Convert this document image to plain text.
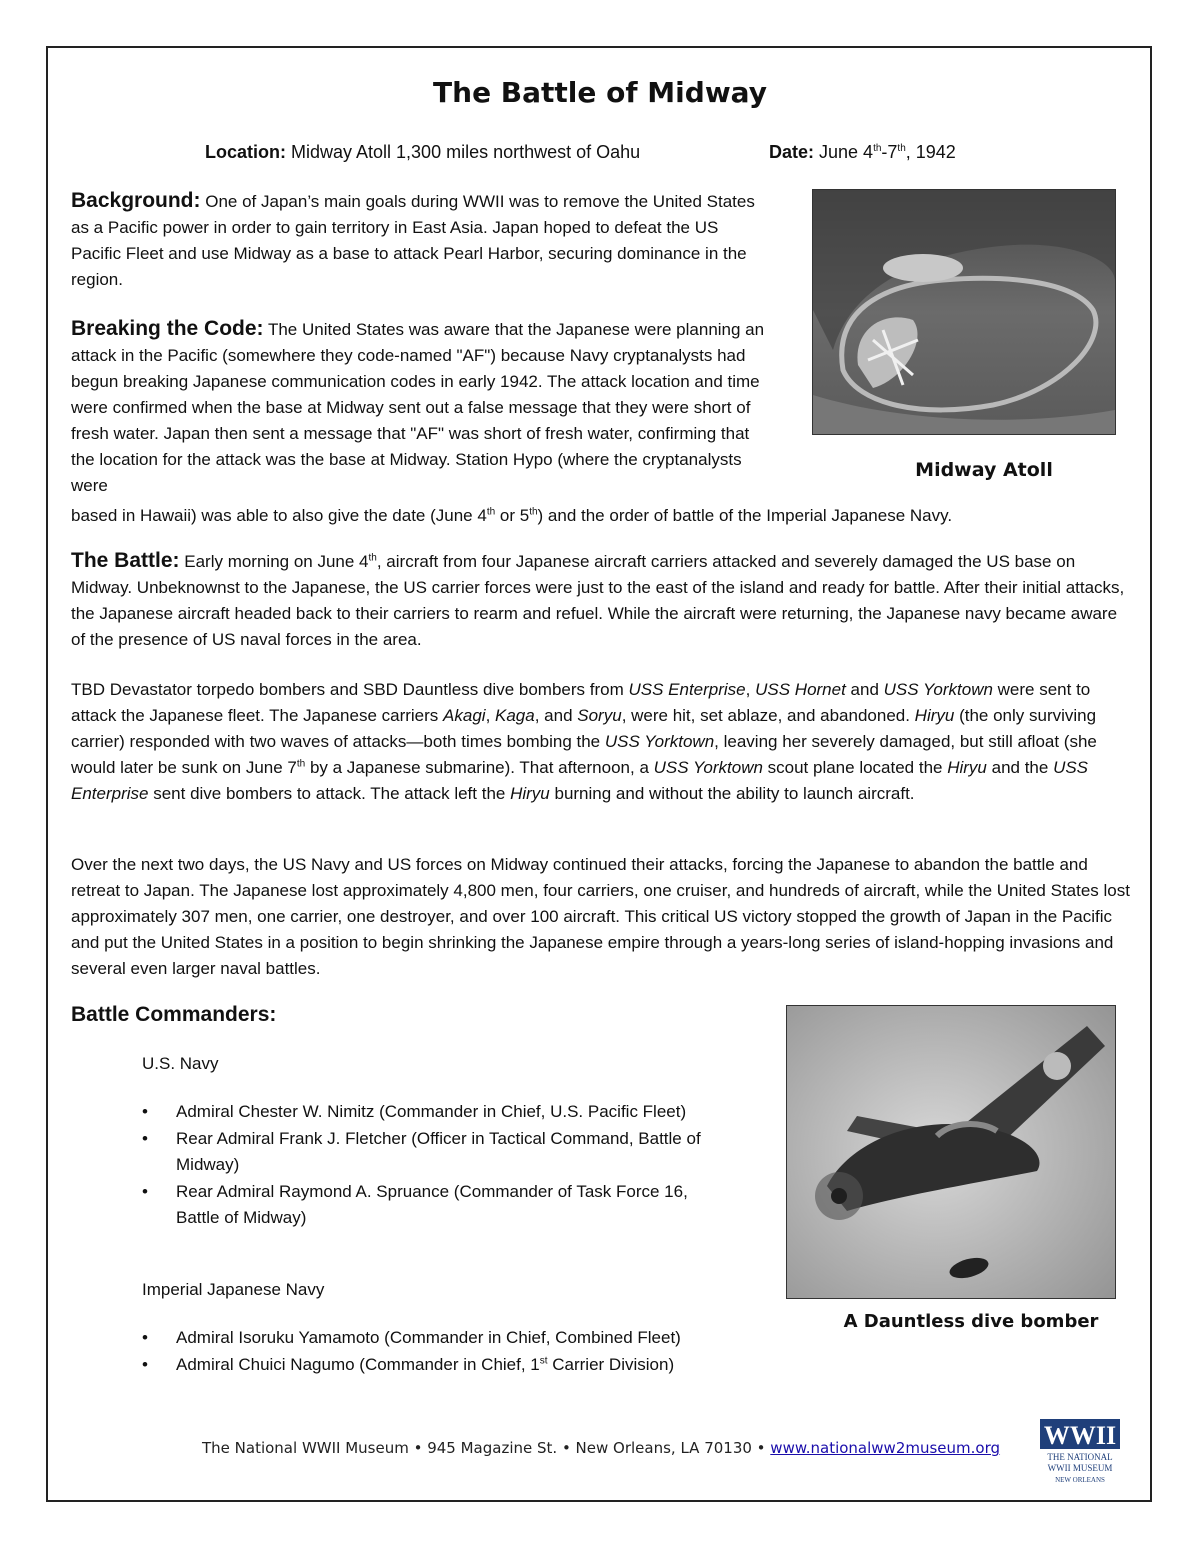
The Battle of Midway
Location: Midway Atoll 1,300 miles northwest of Oahu	Date: June 4th-7th, 1942
Background: One of Japan’s main goals during WWII was to remove the United States as a Pacific power in order to gain territory in East Asia. Japan hoped to defeat the US Pacific Fleet and use Midway as a base to attack Pearl Harbor, securing dominance in the region.
Breaking the Code: The United States was aware that the Japanese were planning an attack in the Pacific (somewhere they code-named "AF") because Navy cryptanalysts had begun breaking Japanese communication codes in early 1942. The attack location and time were confirmed when the base at Midway sent out a false message that they were short of fresh water. Japan then sent a message that "AF" was short of fresh water, confirming that the location for the attack was the base at Midway. Station Hypo (where the cryptanalysts were
based in Hawaii) was able to also give the date (June 4th or 5th) and the order of battle of the Imperial Japanese Navy.
Midway Atoll
The Battle: Early morning on June 4th, aircraft from four Japanese aircraft carriers attacked and severely damaged the US base on Midway. Unbeknownst to the Japanese, the US carrier forces were just to the east of the island and ready for battle. After their initial attacks, the Japanese aircraft headed back to their carriers to rearm and refuel. While the aircraft were returning, the Japanese navy became aware of the presence of US naval forces in the area.
TBD Devastator torpedo bombers and SBD Dauntless dive bombers from USS Enterprise, USS Hornet and USS Yorktown were sent to attack the Japanese fleet. The Japanese carriers Akagi, Kaga, and Soryu, were hit, set ablaze, and abandoned. Hiryu (the only surviving carrier) responded with two waves of attacks—both times bombing the USS Yorktown, leaving her severely damaged, but still afloat (she would later be sunk on June 7th by a Japanese submarine). That afternoon, a USS Yorktown scout plane located the Hiryu and the USS Enterprise sent dive bombers to attack. The attack left the Hiryu burning and without the ability to launch aircraft.
Over the next two days, the US Navy and US forces on Midway continued their attacks, forcing the Japanese to abandon the battle and retreat to Japan. The Japanese lost approximately 4,800 men, four carriers, one cruiser, and hundreds of aircraft, while the United States lost approximately 307 men, one carrier, one destroyer, and over 100 aircraft. This critical US victory stopped the growth of Japan in the Pacific and put the United States in a position to begin shrinking the Japanese empire through a years-long series of island-hopping invasions and several even larger naval battles.
Battle Commanders:
U.S. Navy
• Admiral Chester W. Nimitz (Commander in Chief, U.S. Pacific Fleet)
• Rear Admiral Frank J. Fletcher (Officer in Tactical Command, Battle of Midway)
• Rear Admiral Raymond A. Spruance (Commander of Task Force 16, Battle of Midway)
Imperial Japanese Navy
• Admiral Isoruku Yamamoto (Commander in Chief, Combined Fleet)
• Admiral Chuici Nagumo (Commander in Chief, 1st Carrier Division)
A Dauntless dive bomber
The National WWII Museum • 945 Magazine St. • New Orleans, LA 70130 • www.nationalww2museum.org WWII
THE NATIONAL
WWII MUSEUM
NEW ORLEANS
